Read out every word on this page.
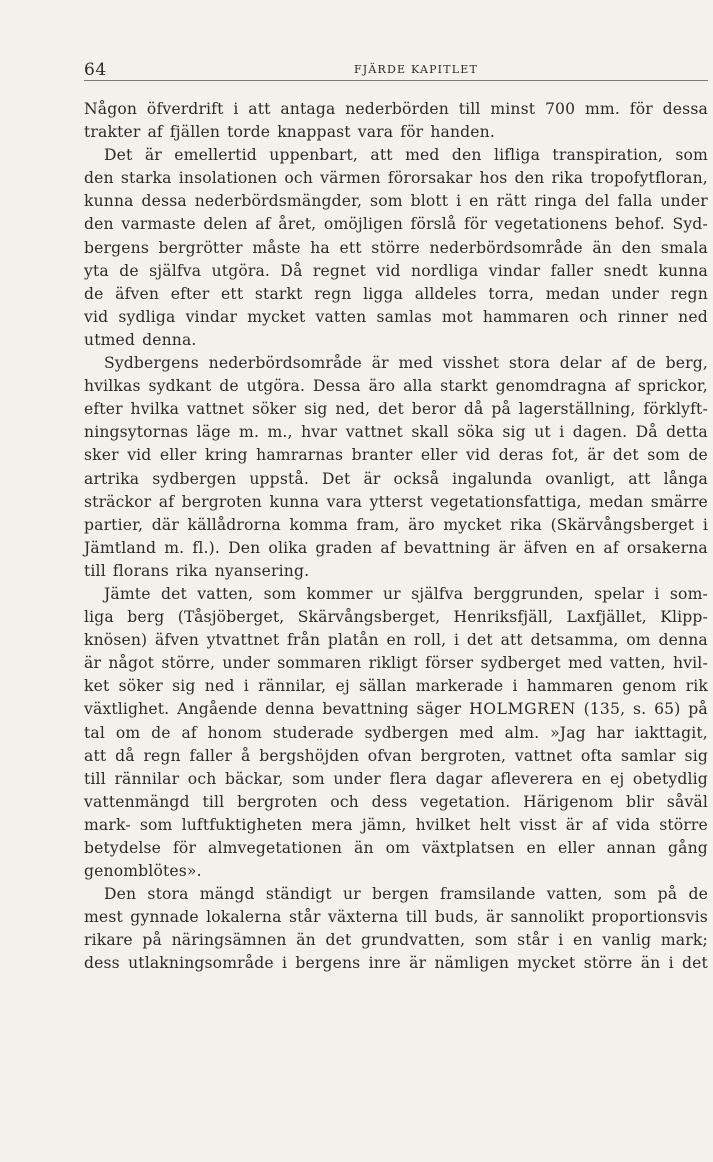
64	FJÄRDE KAPITLET
Någon öfverdrift i att antaga nederbörden till minst 700 mm. för dessa
trakter af fjällen torde knappast vara för handen.
Det är emellertid uppenbart, att med den lifliga transpiration, som
den starka insolationen och värmen förorsakar hos den rika tropofytfloran,
kunna dessa nederbördsmängder, som blott i en rätt ringa del falla under
den varmaste delen af året, omöjligen förslå för vegetationens behof. Syd-
bergens bergrötter måste ha ett större nederbördsområde än den smala
yta de själfva utgöra. Då regnet vid nordliga vindar faller snedt kunna
de äfven efter ett starkt regn ligga alldeles torra, medan under regn
vid sydliga vindar mycket vatten samlas mot hammaren och rinner ned
utmed denna.
Sydbergens nederbördsområde är med visshet stora delar af de berg,
hvilkas sydkant de utgöra. Dessa äro alla starkt genomdragna af sprickor,
efter hvilka vattnet söker sig ned, det beror då på lagerställning, förklyft-
ningsytornas läge m. m., hvar vattnet skall söka sig ut i dagen. Då detta
sker vid eller kring hamrarnas branter eller vid deras fot, är det som de
artrika sydbergen uppstå. Det är också ingalunda ovanligt, att långa
sträckor af bergroten kunna vara ytterst vegetationsfattiga, medan smärre
partier, där källådrorna komma fram, äro mycket rika (Skärvångsberget i
Jämtland m. fl.). Den olika graden af bevattning är äfven en af orsakerna
till florans rika nyansering.
Jämte det vatten, som kommer ur själfva berggrunden, spelar i som-
liga berg (Tåsjöberget, Skärvångsberget, Henriksfjäll, Laxfjället, Klipp-
knösen) äfven ytvattnet från platån en roll, i det att detsamma, om denna
är något större, under sommaren rikligt förser sydberget med vatten, hvil-
ket söker sig ned i rännilar, ej sällan markerade i hammaren genom rik
växtlighet. Angående denna bevattning säger HOLMGREN (135, s. 65) på
tal om de af honom studerade sydbergen med alm. »Jag har iakttagit,
att då regn faller å bergshöjden ofvan bergroten, vattnet ofta samlar sig
till rännilar och bäckar, som under flera dagar afleverera en ej obetydlig
vattenmängd till bergroten och dess vegetation. Härigenom blir såväl
mark- som luftfuktigheten mera jämn, hvilket helt visst är af vida större
betydelse för almvegetationen än om växtplatsen en eller annan gång
genomblötes».
Den stora mängd ständigt ur bergen framsilande vatten, som på de
mest gynnade lokalerna står växterna till buds, är sannolikt proportionsvis
rikare på näringsämnen än det grundvatten, som står i en vanlig mark;
dess utlakningsområde i bergens inre är nämligen mycket större än i det
